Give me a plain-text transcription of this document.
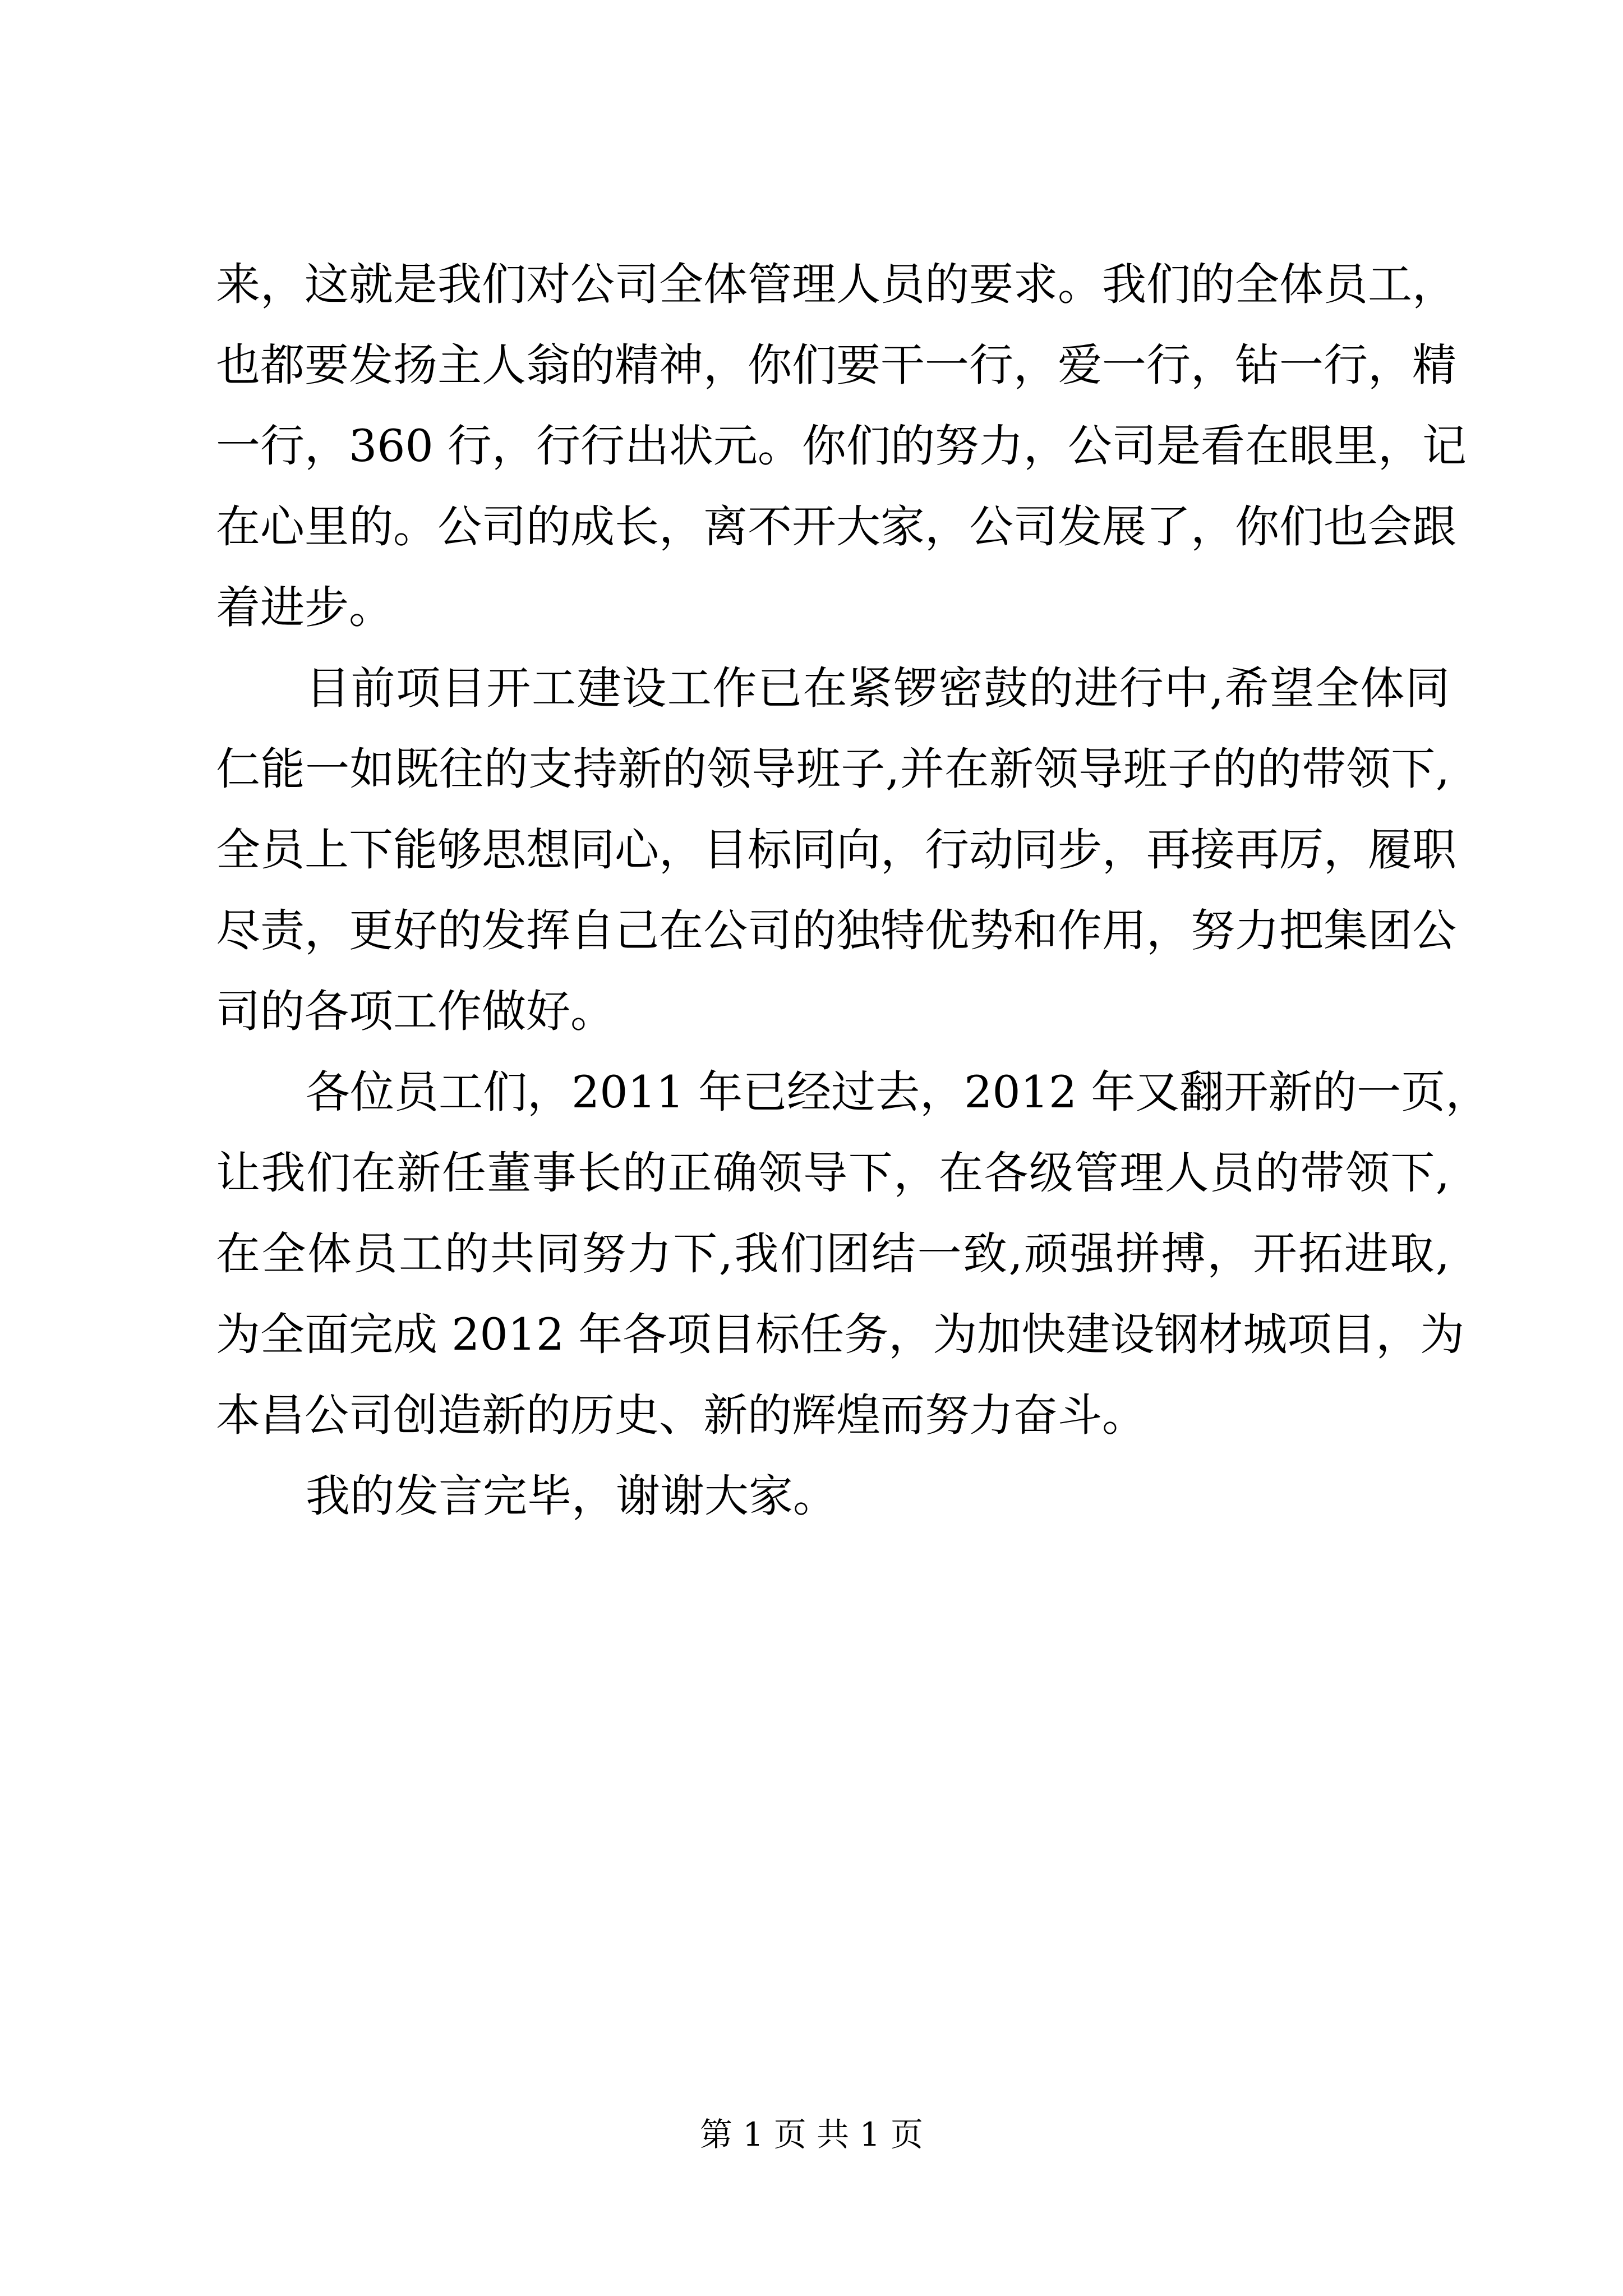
来，这就是我们对公司全体管理人员的要求。我们的全体员工，
也都要发扬主人翁的精神，你们要干一行，爱一行，钻一行，精
一行，360 行，行行出状元。你们的努力，公司是看在眼里，记
在心里的。公司的成长，离不开大家，公司发展了，你们也会跟
着进步。
目前项目开工建设工作已在紧锣密鼓的进行中,希望全体同
仁能一如既往的支持新的领导班子,并在新领导班子的的带领下,
全员上下能够思想同心，目标同向，行动同步，再接再厉，履职
尽责，更好的发挥自己在公司的独特优势和作用，努力把集团公
司的各项工作做好。
各位员工们，2011 年已经过去，2012 年又翻开新的一页，
让我们在新任董事长的正确领导下，在各级管理人员的带领下,
在全体员工的共同努力下,我们团结一致,顽强拼搏，开拓进取,
为全面完成 2012 年各项目标任务，为加快建设钢材城项目，为
本昌公司创造新的历史、新的辉煌而努力奋斗。
我的发言完毕，谢谢大家。
第 1 页 共 1 页
